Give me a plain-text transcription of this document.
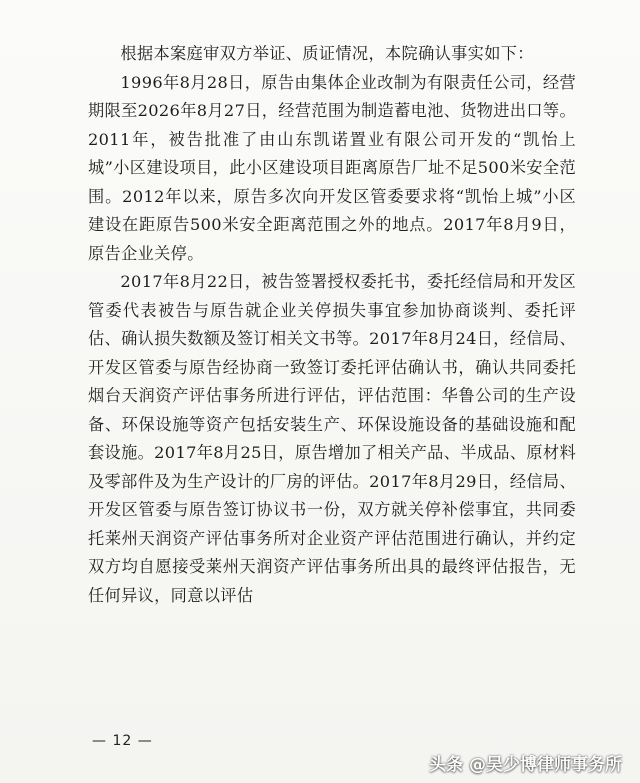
根据本案庭审双方举证、质证情况，本院确认事实如下：

1996年8月28日，原告由集体企业改制为有限责任公司，经营期限至2026年8月27日，经营范围为制造蓄电池、货物进出口等。2011年，被告批准了由山东凯诺置业有限公司开发的“凯怡上城”小区建设项目，此小区建设项目距离原告厂址不足500米安全范围。2012年以来，原告多次向开发区管委要求将“凯怡上城”小区建设在距原告500米安全距离范围之外的地点。2017年8月9日，原告企业关停。

2017年8月22日，被告签署授权委托书，委托经信局和开发区管委代表被告与原告就企业关停损失事宜参加协商谈判、委托评估、确认损失数额及签订相关文书等。2017年8月24日，经信局、开发区管委与原告经协商一致签订委托评估确认书，确认共同委托烟台天润资产评估事务所进行评估，评估范围：华鲁公司的生产设备、环保设施等资产包括安装生产、环保设施设备的基础设施和配套设施。2017年8月25日，原告增加了相关产品、半成品、原材料及零部件及为生产设计的厂房的评估。2017年8月29日，经信局、开发区管委与原告签订协议书一份，双方就关停补偿事宜，共同委托莱州天润资产评估事务所对企业资产评估范围进行确认，并约定双方均自愿接受莱州天润资产评估事务所出具的最终评估报告，无任何异议，同意以评估

— 12 —
头条 @吴少博律师事务所
